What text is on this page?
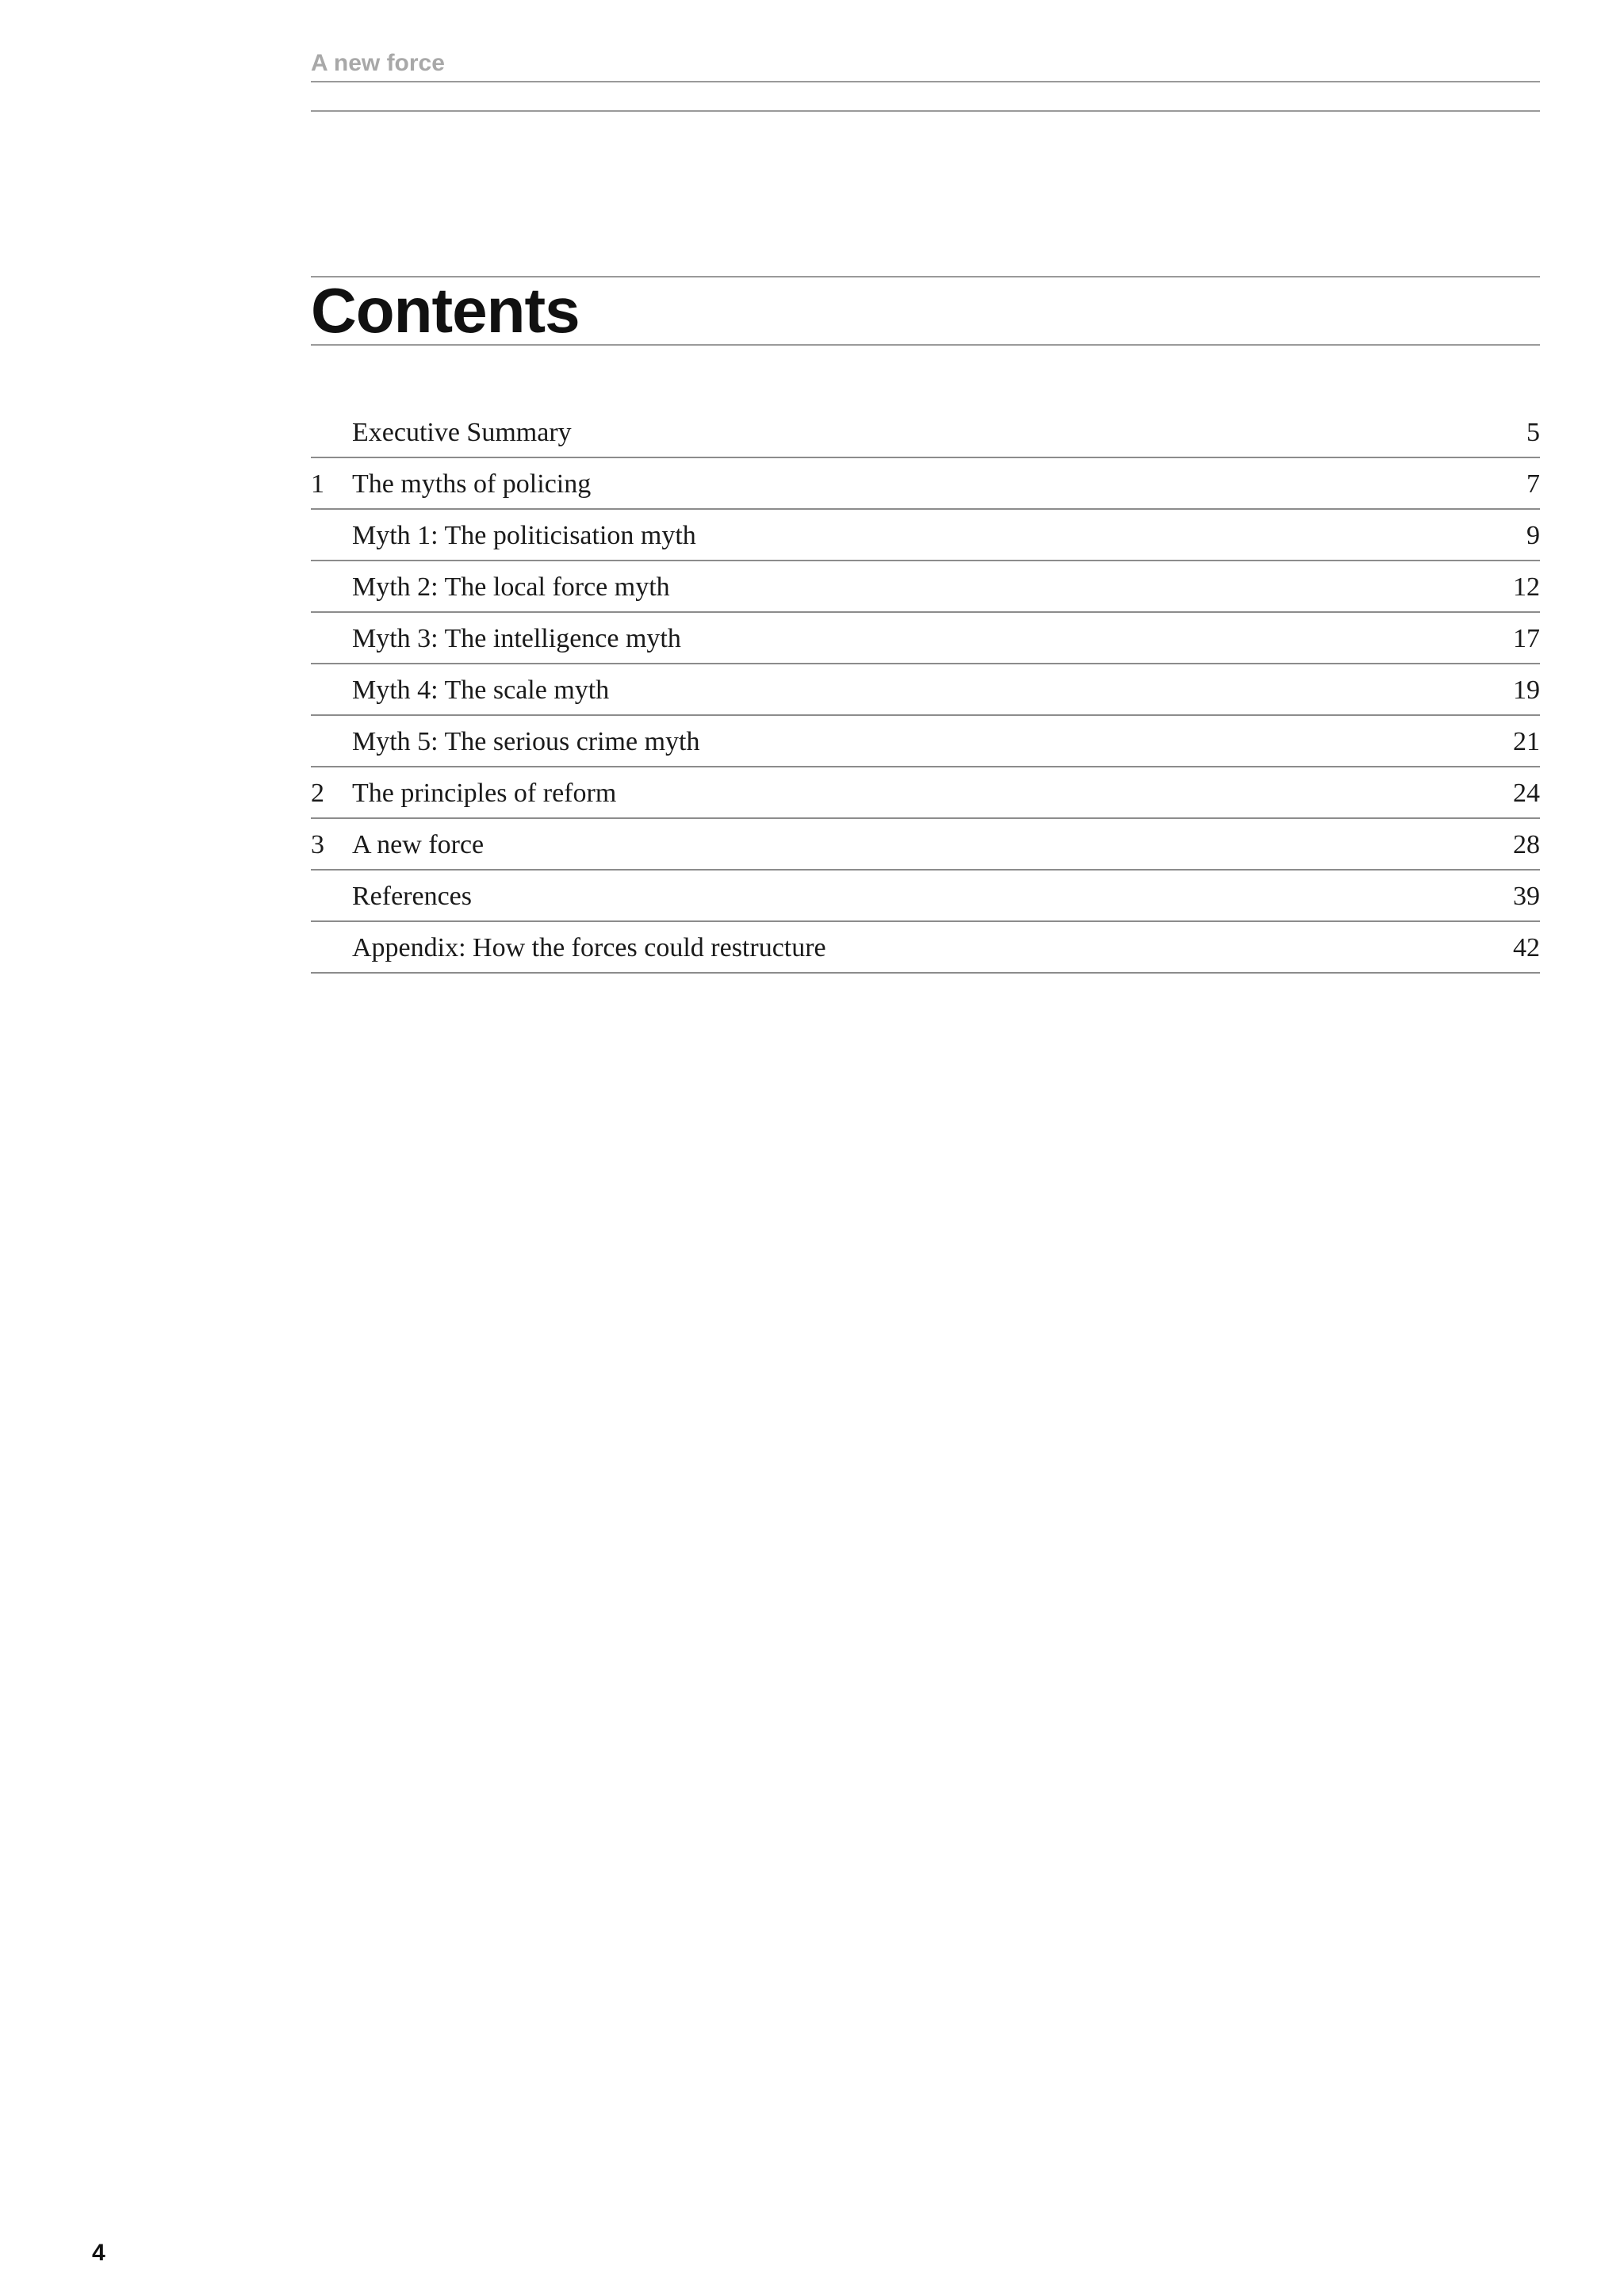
A new force
Contents
Executive Summary	5
1 The myths of policing	7
Myth 1: The politicisation myth	9
Myth 2: The local force myth	12
Myth 3: The intelligence myth	17
Myth 4: The scale myth	19
Myth 5: The serious crime myth	21
2 The principles of reform	24
3 A new force	28
References	39
Appendix: How the forces could restructure	42
4
